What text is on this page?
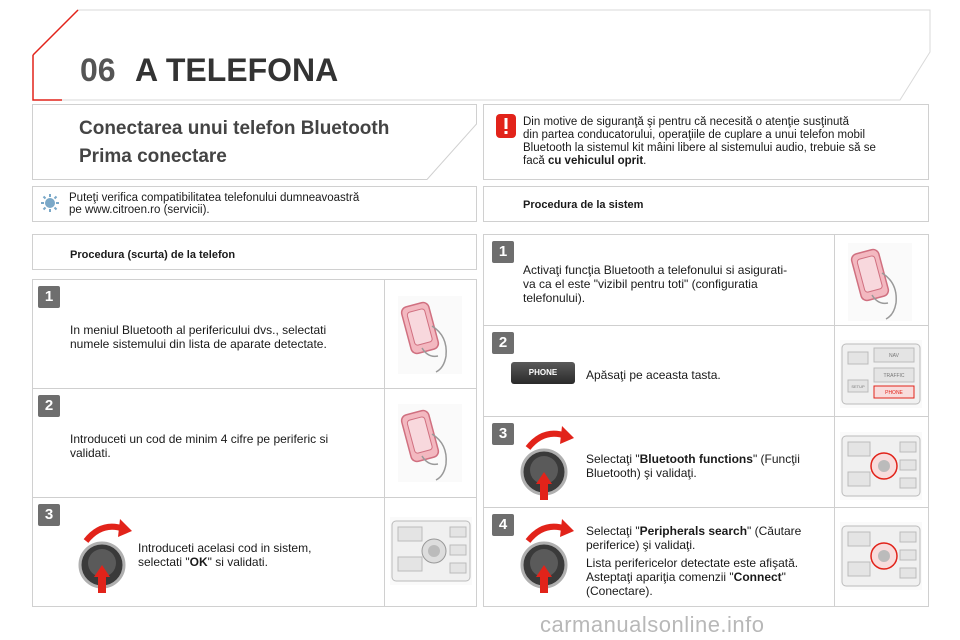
06 A TELEFONA
Conectarea unui telefon Bluetooth
Prima conectare
Din motive de siguranţă şi pentru că necesită o atenţie susţinută
din partea conducatorului, operaţiile de cuplare a unui telefon mobil
Bluetooth la sistemul kit mâini libere al sistemului audio, trebuie să se
facă cu vehiculul oprit.
Puteţi verifica compatibilitatea telefonului dumneavoastră
pe www.citroen.ro (servicii).
Procedura (scurta) de la telefon
1
In meniul Bluetooth al perifericului dvs., selectati
numele sistemului din lista de aparate detectate.
2
Introduceti un cod de minim 4 cifre pe periferic si
validati.
3
Introduceti acelasi cod in sistem,
selectati "OK" si validati.
Procedura de la sistem
1
Activaţi funcţia Bluetooth a telefonului si asigurati-
va ca el este "vizibil pentru toti" (configuratia
telefonului).
2
PHONE	Apăsaţi pe aceasta tasta.
NAV
TRAFFIC
PHONE
SETUP
3
Selectaţi "Bluetooth functions" (Funcţii
Bluetooth) şi validaţi.
4	Selectaţi "Peripherals search" (Căutare
periferice) şi validaţi.
Lista perifericelor detectate este afişată.
Asteptaţi apariţia comenzii "Connect"
(Conectare).
carmanualsonline.info
